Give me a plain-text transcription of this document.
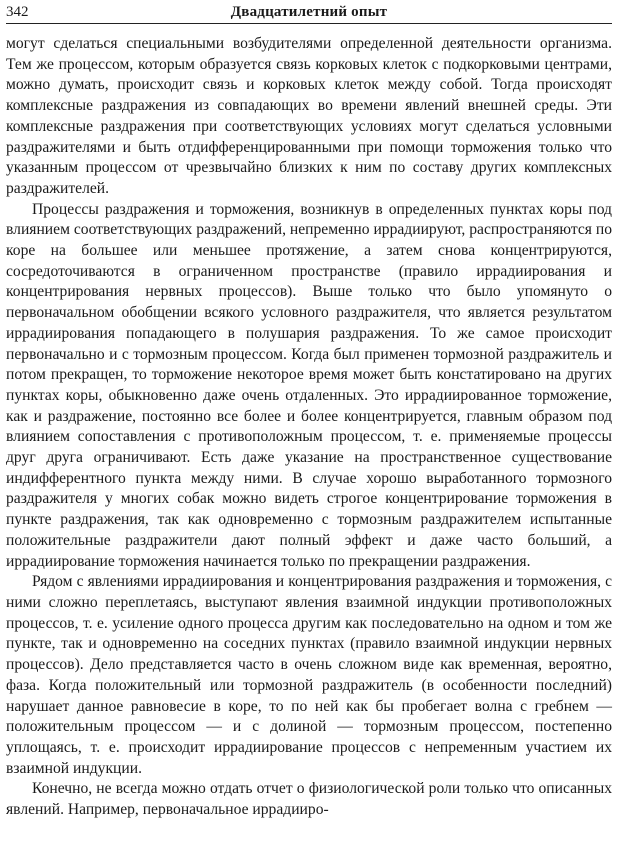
342	Двадцатилетний опыт

могут сделаться специальными возбудителями определенной деятельности организма. Тем же процессом, которым образуется связь корковых клеток с подкорковыми центрами, можно думать, происходит связь и корковых клеток между собой. Тогда происходят комплексные раздражения из совпадающих во времени явлений внешней среды. Эти комплексные раздражения при соответствующих условиях могут сделаться условными раздражителями и быть отдифференцированными при помощи торможения только что указанным процессом от чрезвычайно близких к ним по составу других комплексных раздражителей.

Процессы раздражения и торможения, возникнув в определенных пунктах коры под влиянием соответствующих раздражений, непременно иррадиируют, распространяются по коре на большее или меньшее протяжение, а затем снова концентрируются, сосредоточиваются в ограниченном пространстве (правило иррадиирования и концентрирования нервных процессов). Выше только что было упомянуто о первоначальном обобщении всякого условного раздражителя, что является результатом иррадиирования попадающего в полушария раздражения. То же самое происходит первоначально и с тормозным процессом. Когда был применен тормозной раздражитель и потом прекращен, то торможение некоторое время может быть констатировано на других пунктах коры, обыкновенно даже очень отдаленных. Это иррадиированное торможение, как и раздражение, постоянно все более и более концентрируется, главным образом под влиянием сопоставления с противоположным процессом, т. е. применяемые процессы друг друга ограничивают. Есть даже указание на пространственное существование индифферентного пункта между ними. В случае хорошо выработанного тормозного раздражителя у многих собак можно видеть строгое концентрирование торможения в пункте раздражения, так как одновременно с тормозным раздражителем испытанные положительные раздражители дают полный эффект и даже часто больший, а иррадиирование торможения начинается только по прекращении раздражения.

Рядом с явлениями иррадиирования и концентрирования раздражения и торможения, с ними сложно переплетаясь, выступают явления взаимной индукции противоположных процессов, т. е. усиление одного процесса другим как последовательно на одном и том же пункте, так и одновременно на соседних пунктах (правило взаимной индукции нервных процессов). Дело представляется часто в очень сложном виде как временная, вероятно, фаза. Когда положительный или тормозной раздражитель (в особенности последний) нарушает данное равновесие в коре, то по ней как бы пробегает волна с гребнем — положительным процессом — и с долиной — тормозным процессом, постепенно уплощаясь, т. е. происходит иррадиирование процессов с непременным участием их взаимной индукции.

Конечно, не всегда можно отдать отчет о физиологической роли только что описанных явлений. Например, первоначальное иррадииро-
